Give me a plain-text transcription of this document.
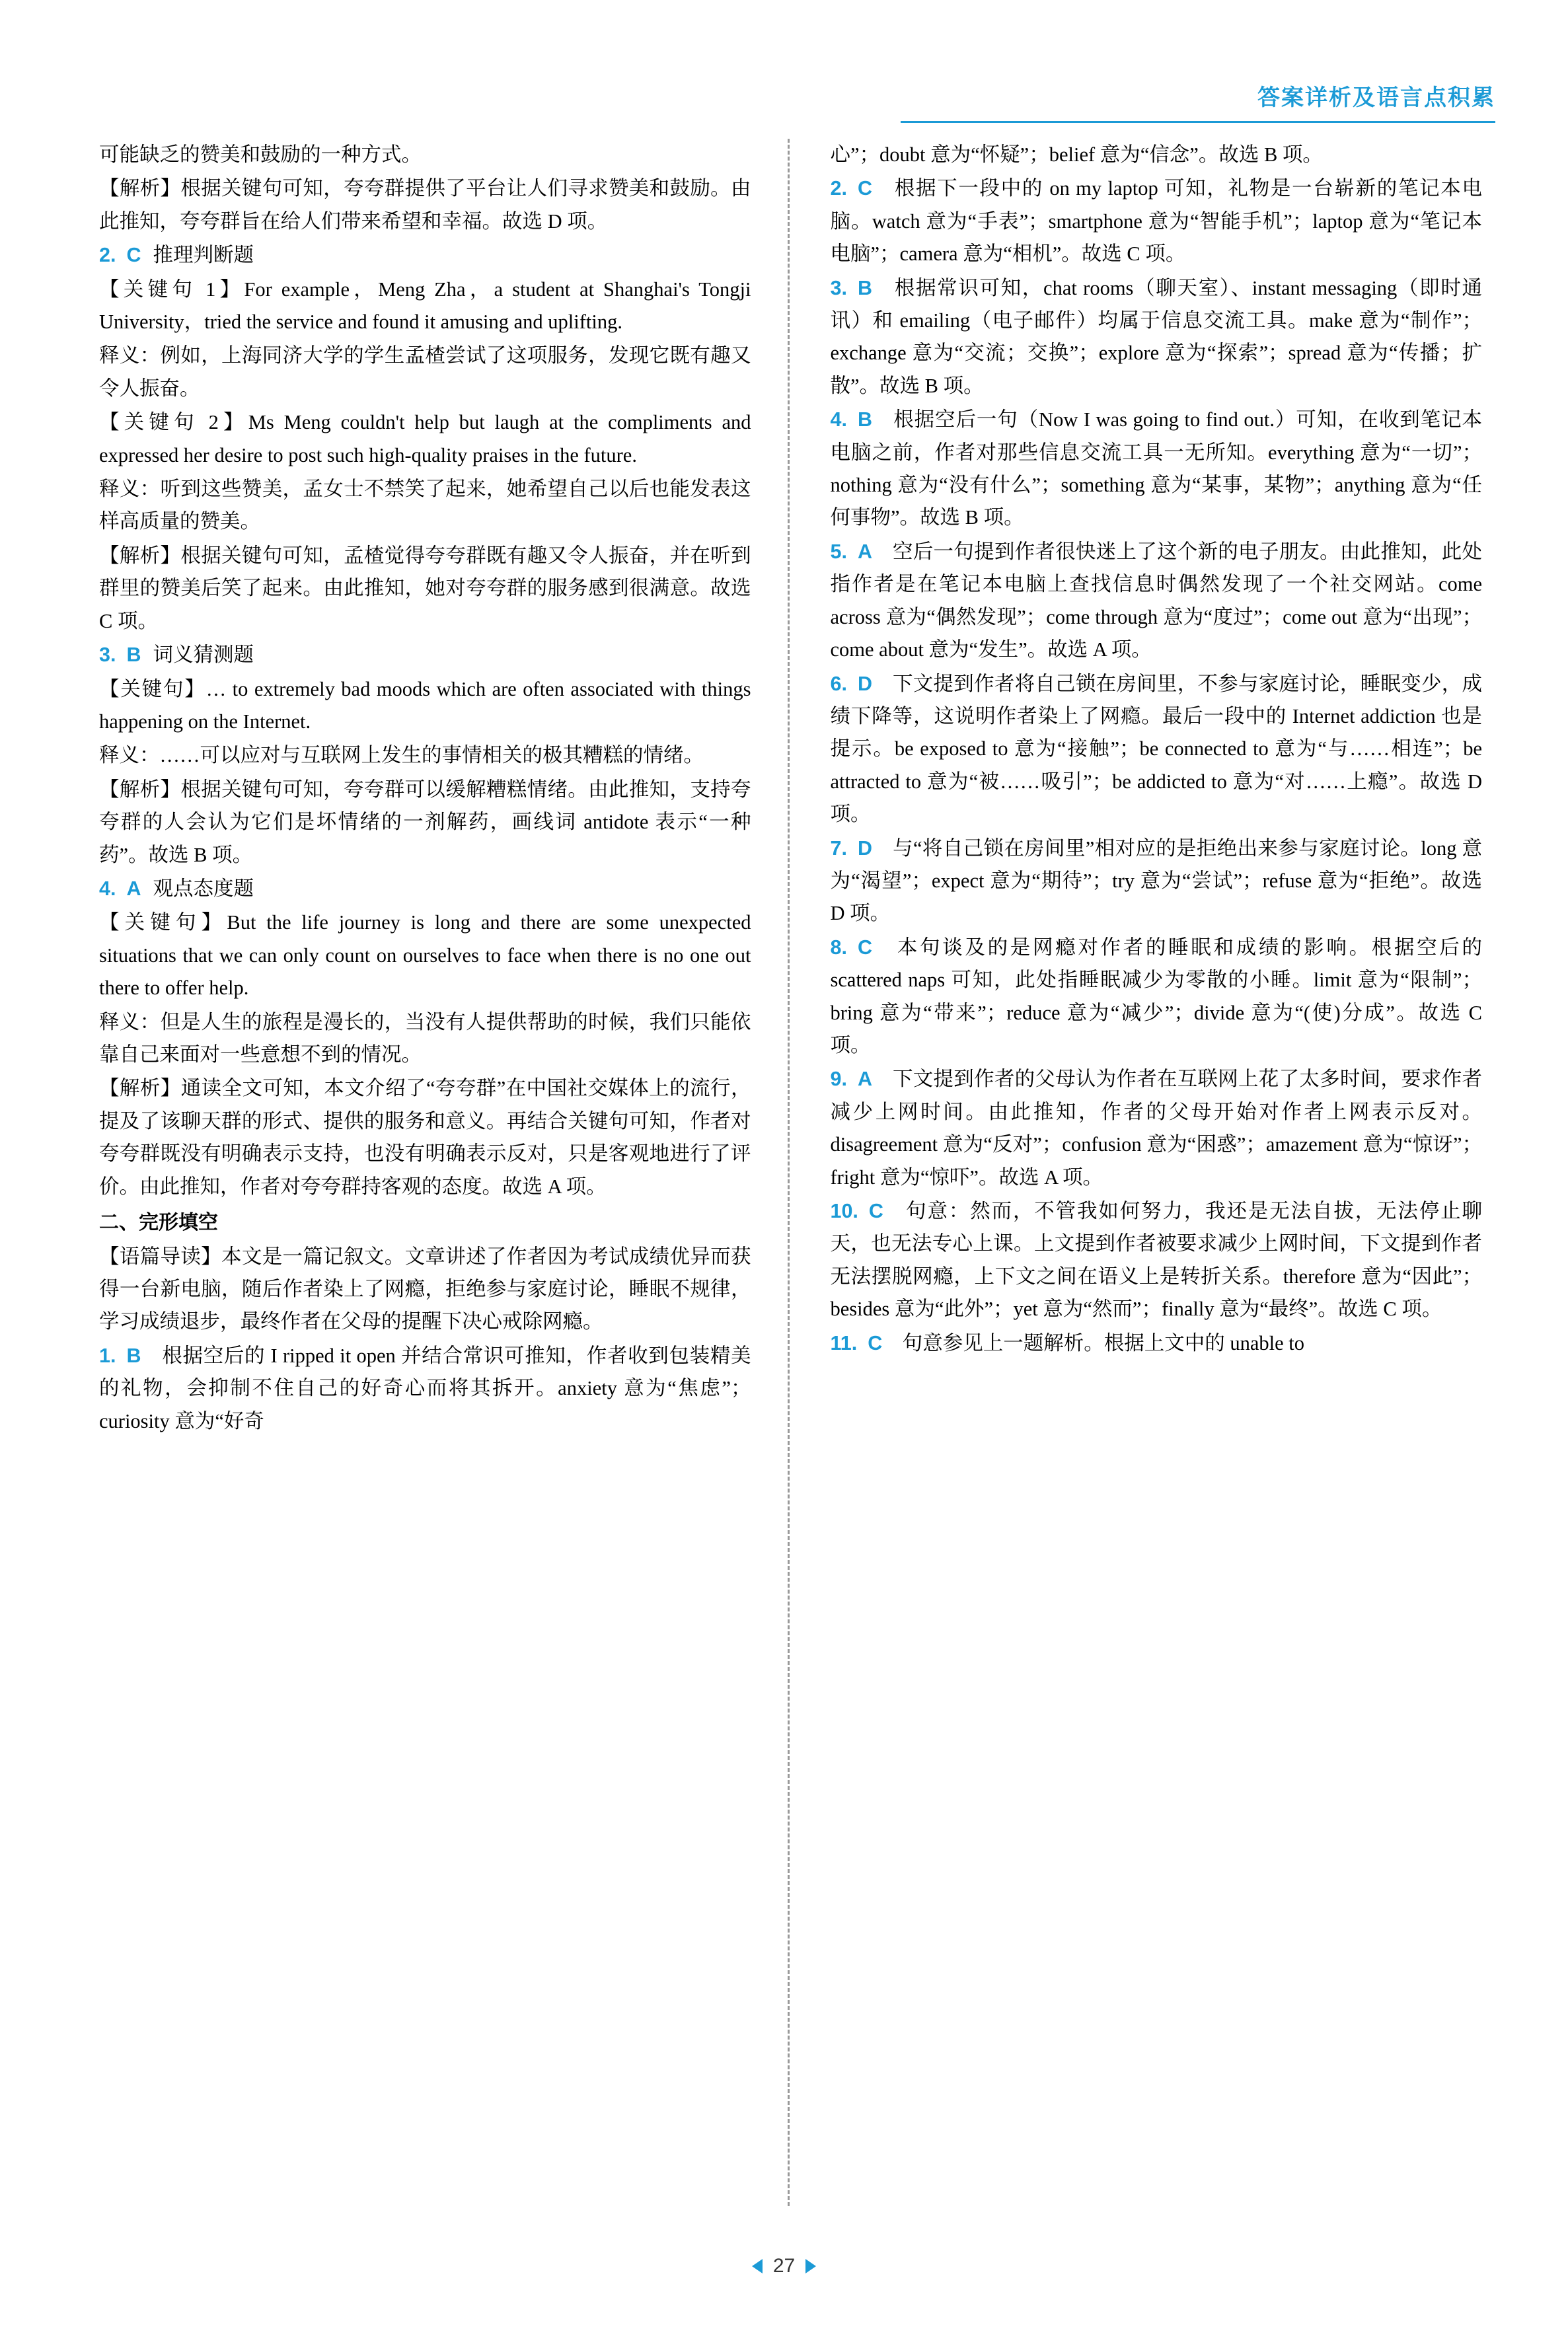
答案详析及语言点积累

可能缺乏的赞美和鼓励的一种方式。

【解析】根据关键句可知，夸夸群提供了平台让人们寻求赞美和鼓励。由此推知，夸夸群旨在给人们带来希望和幸福。故选 D 项。

2. C 推理判断题

【关键句 1】For example，Meng Zha，a student at Shanghai's Tongji University，tried the service and found it amusing and uplifting.

释义：例如，上海同济大学的学生孟楂尝试了这项服务，发现它既有趣又令人振奋。

【关键句 2】Ms Meng couldn't help but laugh at the compliments and expressed her desire to post such high-quality praises in the future.

释义：听到这些赞美，孟女士不禁笑了起来，她希望自己以后也能发表这样高质量的赞美。

【解析】根据关键句可知，孟楂觉得夸夸群既有趣又令人振奋，并在听到群里的赞美后笑了起来。由此推知，她对夸夸群的服务感到很满意。故选 C 项。

3. B 词义猜测题

【关键句】… to extremely bad moods which are often associated with things happening on the Internet.

释义：……可以应对与互联网上发生的事情相关的极其糟糕的情绪。

【解析】根据关键句可知，夸夸群可以缓解糟糕情绪。由此推知，支持夸夸群的人会认为它们是坏情绪的一剂解药，画线词 antidote 表示“一种药”。故选 B 项。

4. A 观点态度题

【关键句】But the life journey is long and there are some unexpected situations that we can only count on ourselves to face when there is no one out there to offer help.

释义：但是人生的旅程是漫长的，当没有人提供帮助的时候，我们只能依靠自己来面对一些意想不到的情况。

【解析】通读全文可知，本文介绍了“夸夸群”在中国社交媒体上的流行，提及了该聊天群的形式、提供的服务和意义。再结合关键句可知，作者对夸夸群既没有明确表示支持，也没有明确表示反对，只是客观地进行了评价。由此推知，作者对夸夸群持客观的态度。故选 A 项。

二、完形填空

【语篇导读】本文是一篇记叙文。文章讲述了作者因为考试成绩优异而获得一台新电脑，随后作者染上了网瘾，拒绝参与家庭讨论，睡眠不规律，学习成绩退步，最终作者在父母的提醒下决心戒除网瘾。

1. B　根据空后的 I ripped it open 并结合常识可推知，作者收到包装精美的礼物，会抑制不住自己的好奇心而将其拆开。anxiety 意为“焦虑”；curiosity 意为“好奇

心”；doubt 意为“怀疑”；belief 意为“信念”。故选 B 项。

2. C　根据下一段中的 on my laptop 可知，礼物是一台崭新的笔记本电脑。watch 意为“手表”；smartphone 意为“智能手机”；laptop 意为“笔记本电脑”；camera 意为“相机”。故选 C 项。

3. B　根据常识可知，chat rooms（聊天室）、instant messaging（即时通讯）和 emailing（电子邮件）均属于信息交流工具。make 意为“制作”；exchange 意为“交流；交换”；explore 意为“探索”；spread 意为“传播；扩散”。故选 B 项。

4. B　根据空后一句（Now I was going to find out.）可知，在收到笔记本电脑之前，作者对那些信息交流工具一无所知。everything 意为“一切”；nothing 意为“没有什么”；something 意为“某事，某物”；anything 意为“任何事物”。故选 B 项。

5. A　空后一句提到作者很快迷上了这个新的电子朋友。由此推知，此处指作者是在笔记本电脑上查找信息时偶然发现了一个社交网站。come across 意为“偶然发现”；come through 意为“度过”；come out 意为“出现”；come about 意为“发生”。故选 A 项。

6. D　下文提到作者将自己锁在房间里，不参与家庭讨论，睡眠变少，成绩下降等，这说明作者染上了网瘾。最后一段中的 Internet addiction 也是提示。be exposed to 意为“接触”；be connected to 意为“与……相连”；be attracted to 意为“被……吸引”；be addicted to 意为“对……上瘾”。故选 D 项。

7. D　与“将自己锁在房间里”相对应的是拒绝出来参与家庭讨论。long 意为“渴望”；expect 意为“期待”；try 意为“尝试”；refuse 意为“拒绝”。故选 D 项。

8. C　本句谈及的是网瘾对作者的睡眠和成绩的影响。根据空后的 scattered naps 可知，此处指睡眠减少为零散的小睡。limit 意为“限制”；bring 意为“带来”；reduce 意为“减少”；divide 意为“(使)分成”。故选 C 项。

9. A　下文提到作者的父母认为作者在互联网上花了太多时间，要求作者减少上网时间。由此推知，作者的父母开始对作者上网表示反对。disagreement 意为“反对”；confusion 意为“困惑”；amazement 意为“惊讶”；fright 意为“惊吓”。故选 A 项。

10. C　句意：然而，不管我如何努力，我还是无法自拔，无法停止聊天，也无法专心上课。上文提到作者被要求减少上网时间，下文提到作者无法摆脱网瘾，上下文之间在语义上是转折关系。therefore 意为“因此”；besides 意为“此外”；yet 意为“然而”；finally 意为“最终”。故选 C 项。

11. C　句意参见上一题解析。根据上文中的 unable to

27
